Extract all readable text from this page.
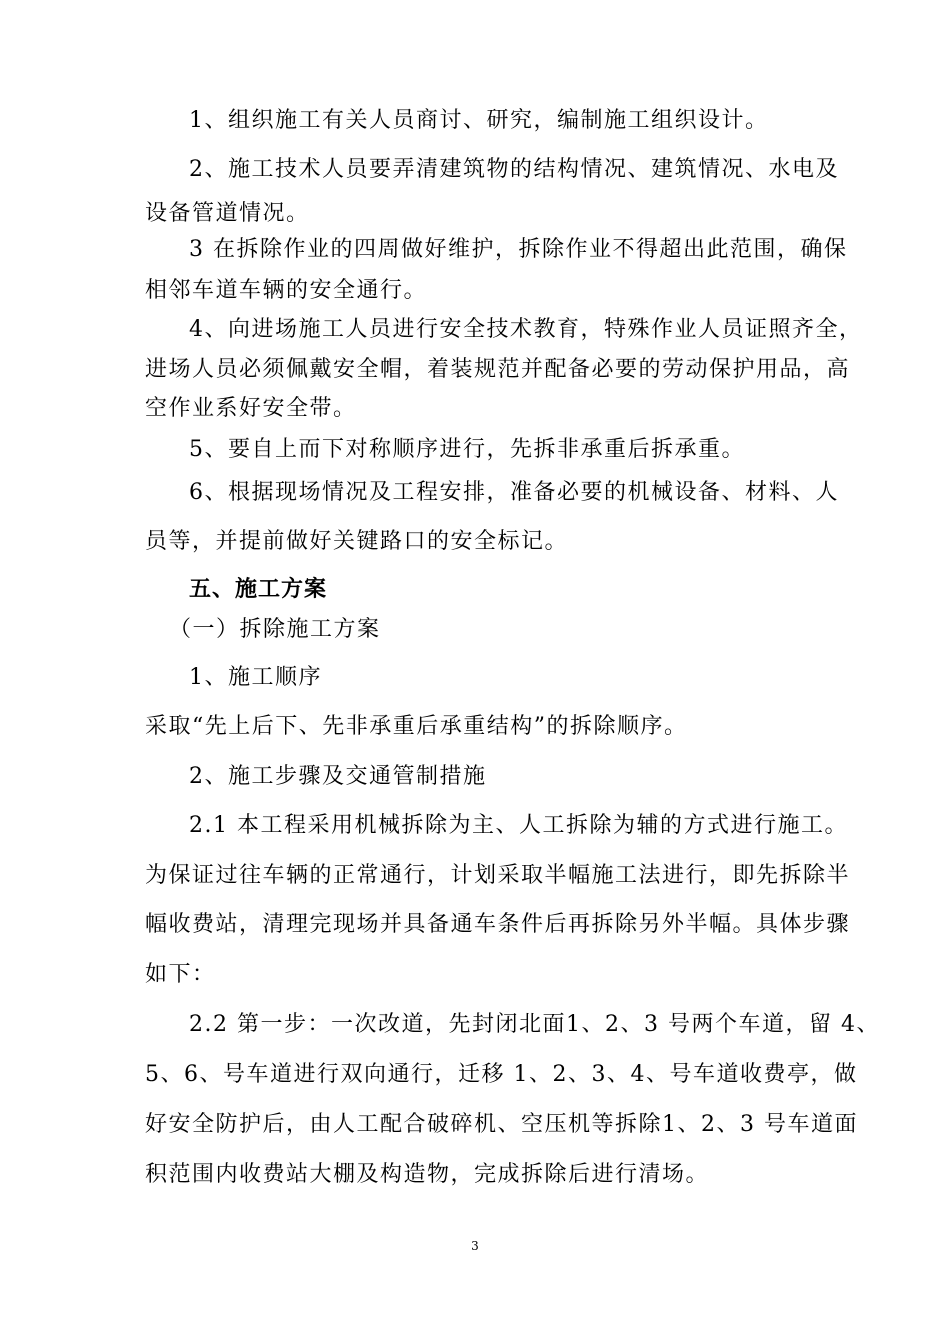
1、组织施工有关人员商讨、研究，编制施工组织设计。
2、施工技术人员要弄清建筑物的结构情况、建筑情况、水电及
设备管道情况。
3 在拆除作业的四周做好维护，拆除作业不得超出此范围，确保
相邻车道车辆的安全通行。
4、向进场施工人员进行安全技术教育，特殊作业人员证照齐全，
进场人员必须佩戴安全帽，着装规范并配备必要的劳动保护用品，高
空作业系好安全带。
5、要自上而下对称顺序进行，先拆非承重后拆承重。
6、根据现场情况及工程安排，准备必要的机械设备、材料、人
员等，并提前做好关键路口的安全标记。
五、施工方案
（一）拆除施工方案
1、施工顺序
采取“先上后下、先非承重后承重结构”的拆除顺序。
2、施工步骤及交通管制措施
2.1 本工程采用机械拆除为主、人工拆除为辅的方式进行施工。
为保证过往车辆的正常通行，计划采取半幅施工法进行，即先拆除半
幅收费站，清理完现场并具备通车条件后再拆除另外半幅。具体步骤
如下：
2.2 第一步：一次改道，先封闭北面1、2、3 号两个车道，留 4、
5、6、号车道进行双向通行，迁移 1、2、3、4、号车道收费亭，做
好安全防护后，由人工配合破碎机、空压机等拆除1、2、3 号车道面
积范围内收费站大棚及构造物，完成拆除后进行清场。
3
